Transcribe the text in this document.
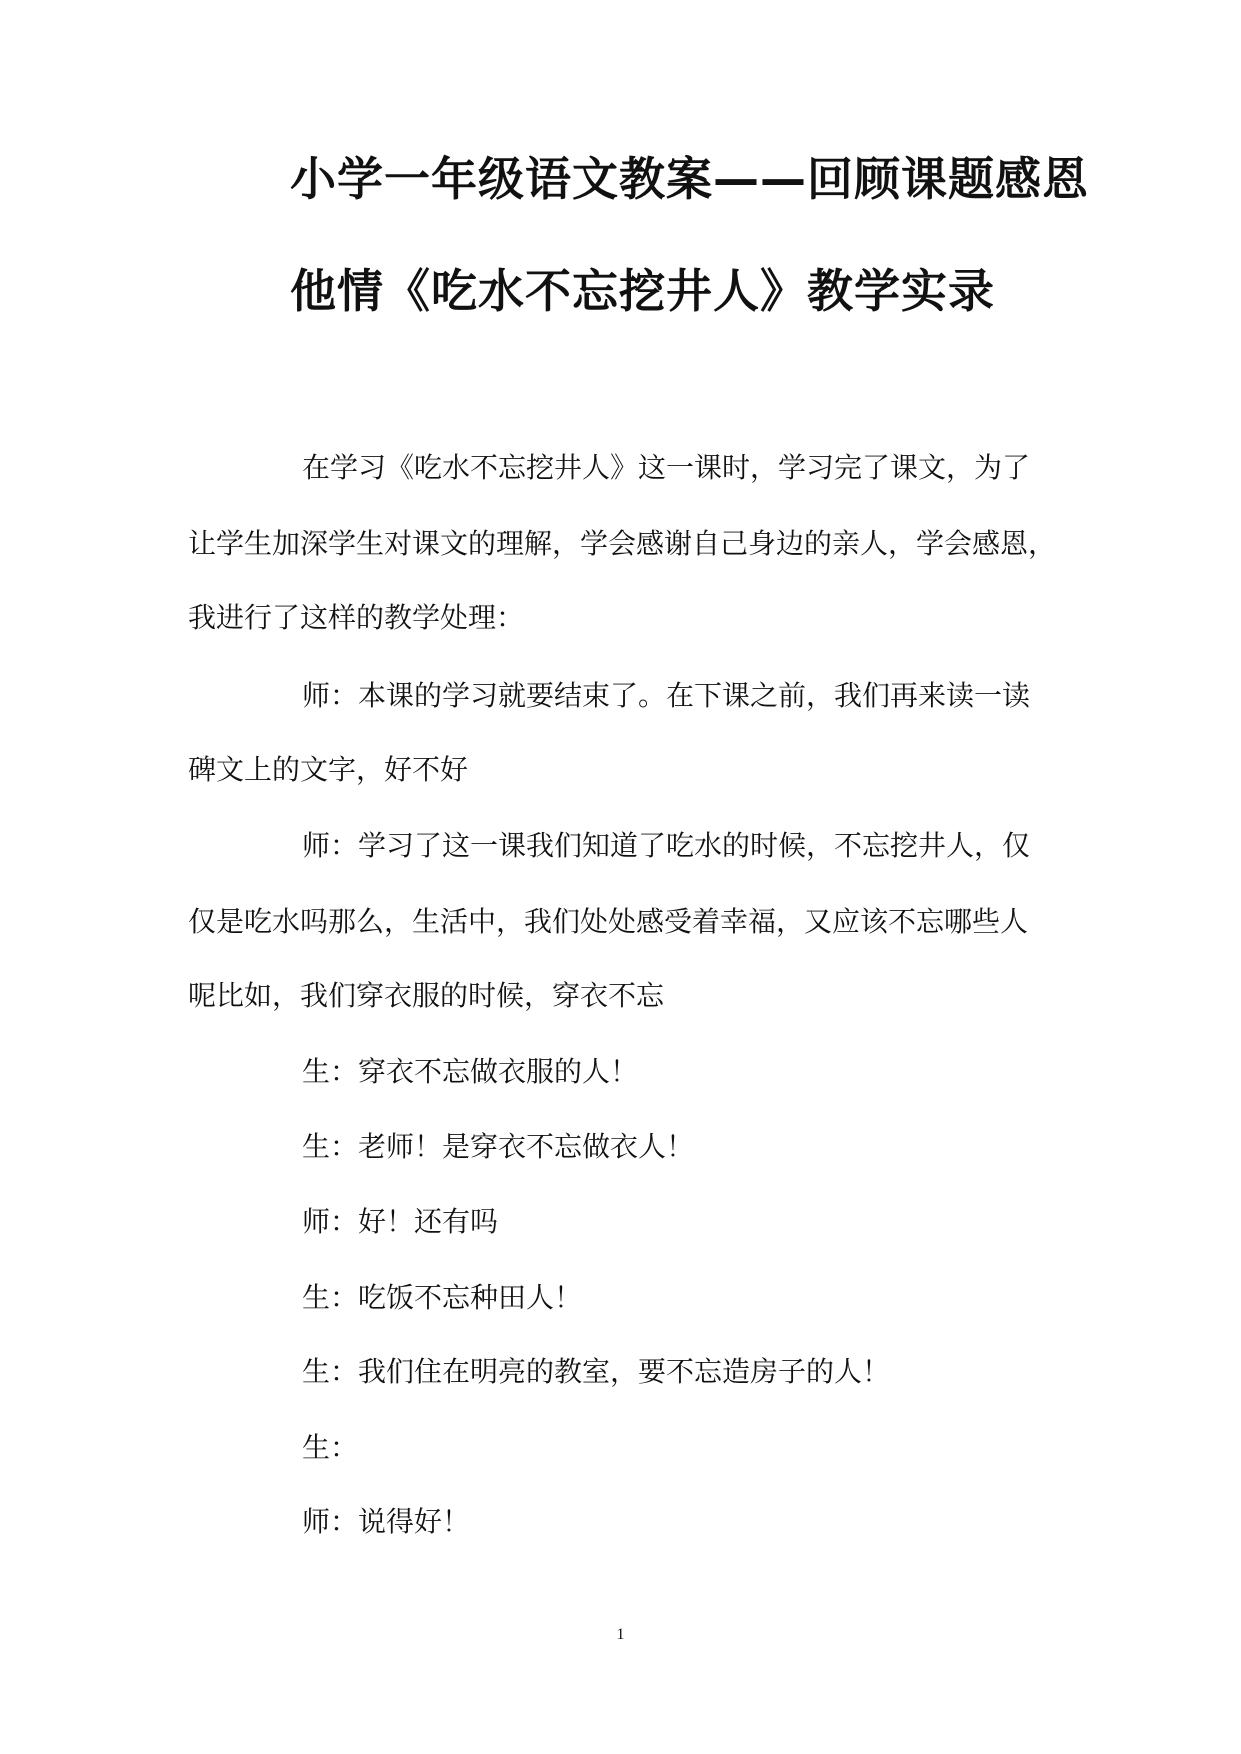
小学一年级语文教案——回顾课题感恩
他情《吃水不忘挖井人》教学实录

在学习《吃水不忘挖井人》这一课时，学习完了课文，为了

让学生加深学生对课文的理解，学会感谢自己身边的亲人，学会感恩，

我进行了这样的教学处理：

师：本课的学习就要结束了。在下课之前，我们再来读一读

碑文上的文字，好不好

师：学习了这一课我们知道了吃水的时候，不忘挖井人，仅

仅是吃水吗那么，生活中，我们处处感受着幸福，又应该不忘哪些人

呢比如，我们穿衣服的时候，穿衣不忘

生：穿衣不忘做衣服的人！

生：老师！是穿衣不忘做衣人！

师：好！还有吗

生：吃饭不忘种田人！

生：我们住在明亮的教室，要不忘造房子的人！

生：

师：说得好！

1
